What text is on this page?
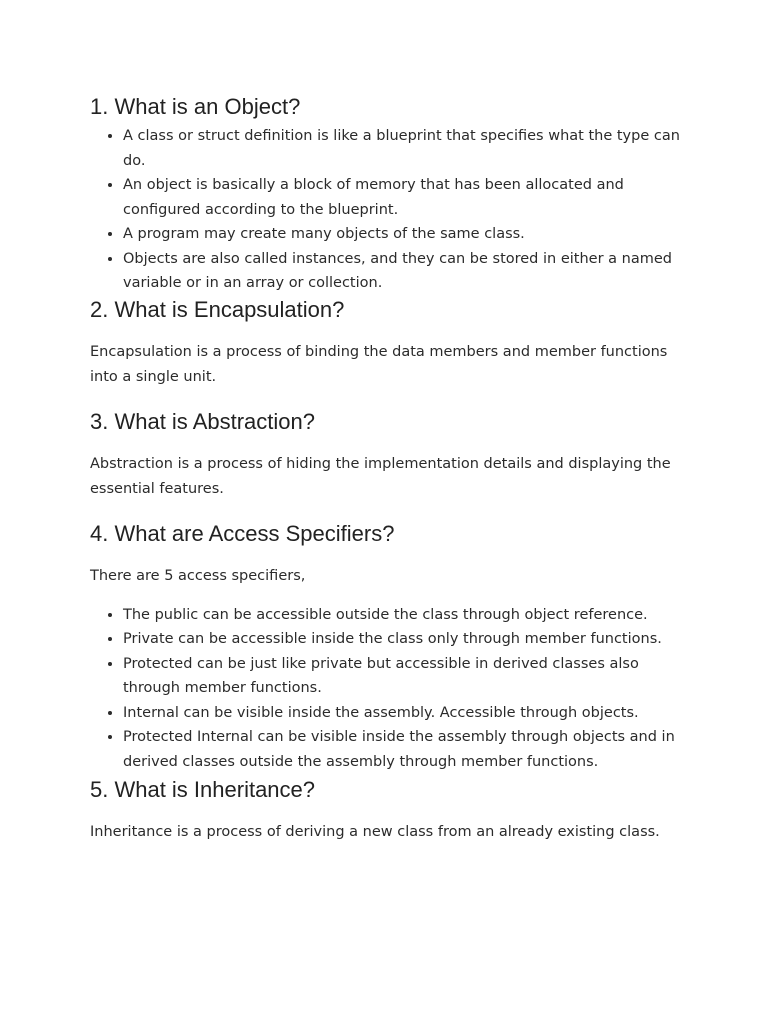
1. What is an Object?
• A class or struct definition is like a blueprint that specifies what the type can do.
• An object is basically a block of memory that has been allocated and configured according to the blueprint.
• A program may create many objects of the same class.
• Objects are also called instances, and they can be stored in either a named variable or in an array or collection.
2. What is Encapsulation?

Encapsulation is a process of binding the data members and member functions into a single unit.

3. What is Abstraction?

Abstraction is a process of hiding the implementation details and displaying the essential features.

4. What are Access Specifiers?

There are 5 access specifiers,

• The public can be accessible outside the class through object reference.
• Private can be accessible inside the class only through member functions.
• Protected can be just like private but accessible in derived classes also through member functions.
• Internal can be visible inside the assembly. Accessible through objects.
• Protected Internal can be visible inside the assembly through objects and in derived classes outside the assembly through member functions.
5. What is Inheritance?

Inheritance is a process of deriving a new class from an already existing class.
